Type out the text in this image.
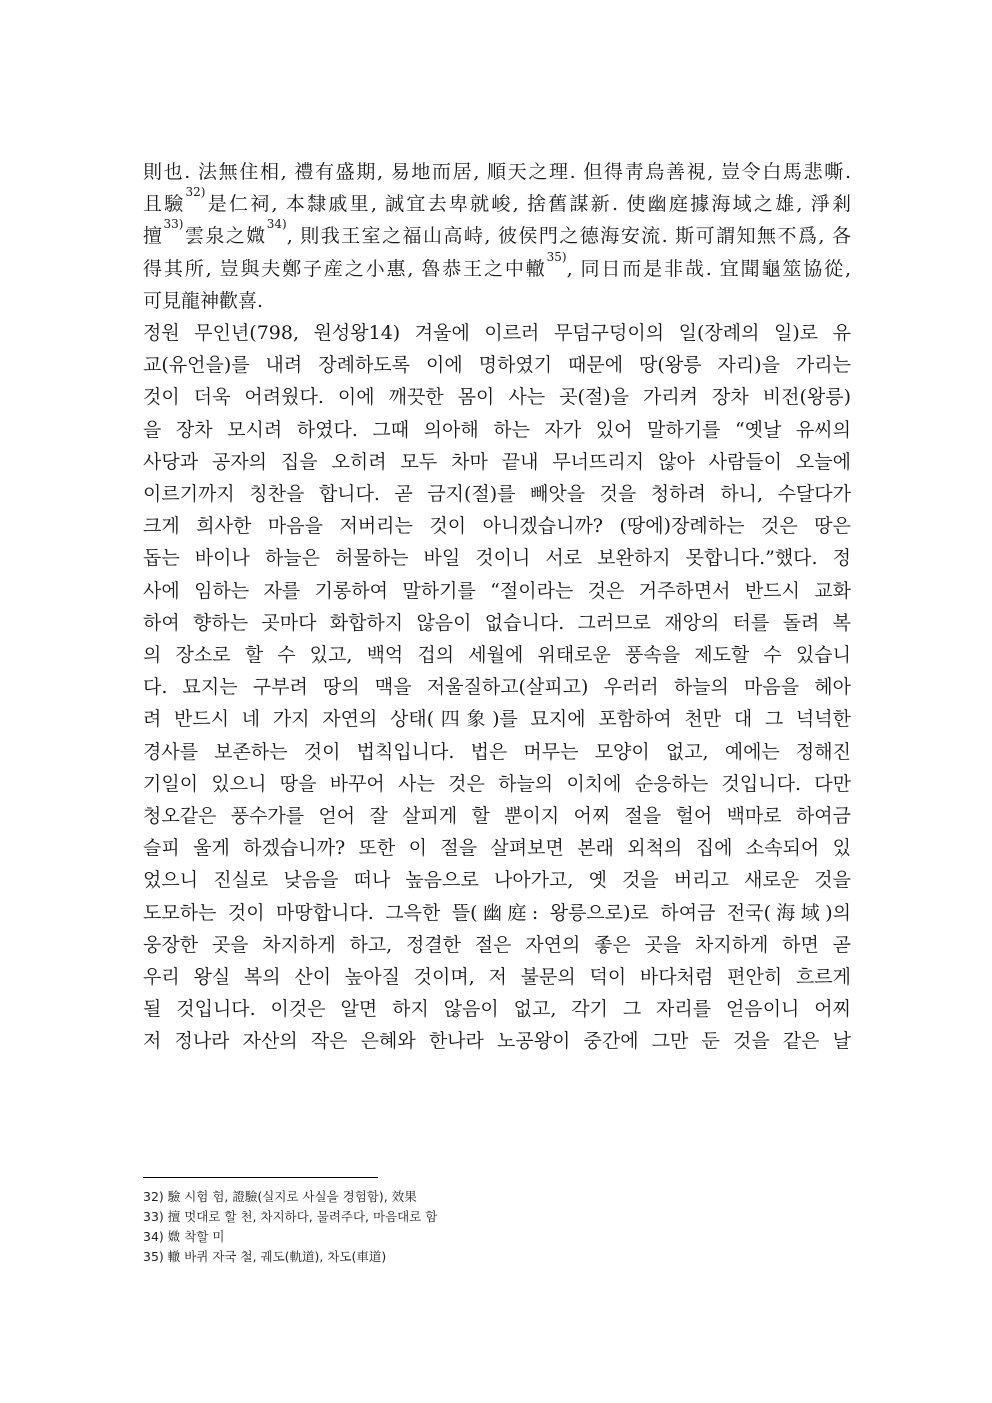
則也. 法無住相, 禮有盛期, 易地而居, 順天之理. 但得靑烏善視, 豈令白馬悲嘶.
且驗$^{32)}$是仁祠, 本隸戚里, 誠宜去卑就峻, 捨舊謀新. 使幽庭據海域之雄, 淨剎
擅$^{33)}$雲泉之媺$^{34)}$, 則我王室之福山高峙, 彼侯門之德海安流. 斯可謂知無不爲, 各
得其所, 豈與夫鄭子産之小惠, 魯恭王之中轍$^{35)}$, 同日而是非哉. 宜聞龜筮協從,
可見龍神歡喜.

정원 무인년(798, 원성왕14) 겨울에 이르러 무덤구덩이의 일(장례의 일)로 유
교(유언을)를 내려 장례하도록 이에 명하였기 때문에 땅(왕릉 자리)을 가리는
것이 더욱 어려웠다. 이에 깨끗한 몸이 사는 곳(절)을 가리켜 장차 비전(왕릉)
을 장차 모시려 하였다. 그때 의아해 하는 자가 있어 말하기를 “옛날 유씨의
사당과 공자의 집을 오히려 모두 차마 끝내 무너뜨리지 않아 사람들이 오늘에
이르기까지 칭찬을 합니다. 곧 금지(절)를 빼앗을 것을 청하려 하니, 수달다가
크게 희사한 마음을 저버리는 것이 아니겠습니까? (땅에)장례하는 것은 땅은
돕는 바이나 하늘은 허물하는 바일 것이니 서로 보완하지 못합니다.”했다. 정
사에 임하는 자를 기롱하여 말하기를 “절이라는 것은 거주하면서 반드시 교화
하여 향하는 곳마다 화합하지 않음이 없습니다. 그러므로 재앙의 터를 돌려 복
의 장소로 할 수 있고, 백억 겁의 세월에 위태로운 풍속을 제도할 수 있습니
다. 묘지는 구부려 땅의 맥을 저울질하고(살피고) 우러러 하늘의 마음을 헤아
려 반드시 네 가지 자연의 상태(四象)를 묘지에 포함하여 천만 대 그 넉넉한
경사를 보존하는 것이 법칙입니다. 법은 머무는 모양이 없고, 예에는 정해진
기일이 있으니 땅을 바꾸어 사는 것은 하늘의 이치에 순응하는 것입니다. 다만
청오같은 풍수가를 얻어 잘 살피게 할 뿐이지 어찌 절을 헐어 백마로 하여금
슬피 울게 하겠습니까? 또한 이 절을 살펴보면 본래 외척의 집에 소속되어 있
었으니 진실로 낮음을 떠나 높음으로 나아가고, 옛 것을 버리고 새로운 것을
도모하는 것이 마땅합니다. 그윽한 뜰(幽庭: 왕릉으로)로 하여금 전국(海域)의
웅장한 곳을 차지하게 하고, 정결한 절은 자연의 좋은 곳을 차지하게 하면 곧
우리 왕실 복의 산이 높아질 것이며, 저 불문의 덕이 바다처럼 편안히 흐르게
될 것입니다. 이것은 알면 하지 않음이 없고, 각기 그 자리를 얻음이니 어찌
저 정나라 자산의 작은 은혜와 한나라 노공왕이 중간에 그만 둔 것을 같은 날

32) 驗 시험 험, 證驗(실지로 사실을 경험함), 效果

33) 擅 멋대로 할 천, 차지하다, 물려주다, 마음대로 함

34) 媺 착할 미

35) 轍 바퀴 자국 철, 궤도(軌道), 차도(車道)
